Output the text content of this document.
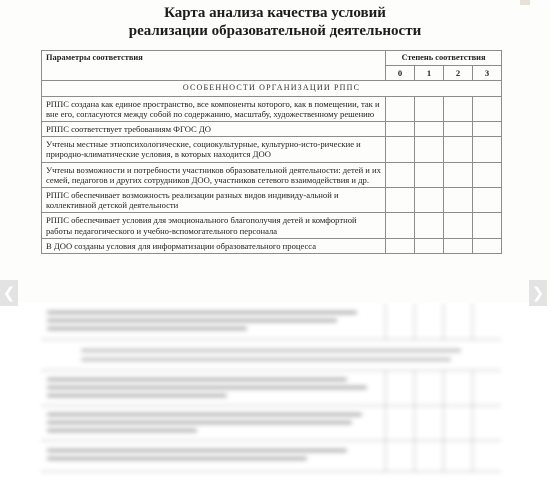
Карта анализа качества условий
реализации образовательной деятельности
Параметры соответствия	Степень соответствия			
	0	1	2	3
ОСОБЕННОСТИ ОРГАНИЗАЦИИ РППС				
РППС создана как единое пространство, все компоненты которого, как в помещении, так и вне его, согласуются между собой по содержанию, масштабу, художественному решению				
РППС соответствует требованиям ФГОС ДО				
Учтены местные этнопсихологические, социокультурные, культурно-исто-рические и природно-климатические условия, в которых находится ДОО				
Учтены возможности и потребности участников образовательной деятельности: детей и их семей, педагогов и других сотрудников ДОО, участников сетевого взаимодействия и др.				
РППС обеспечивает возможность реализации разных видов индивиду-альной и коллективной детской деятельности				
РППС обеспечивает условия для эмоционального благополучия детей и комфортной работы педагогического и учебно-вспомогательного персонала				
В ДОО созданы условия для информатизации образовательного процесса				
❮	❯
